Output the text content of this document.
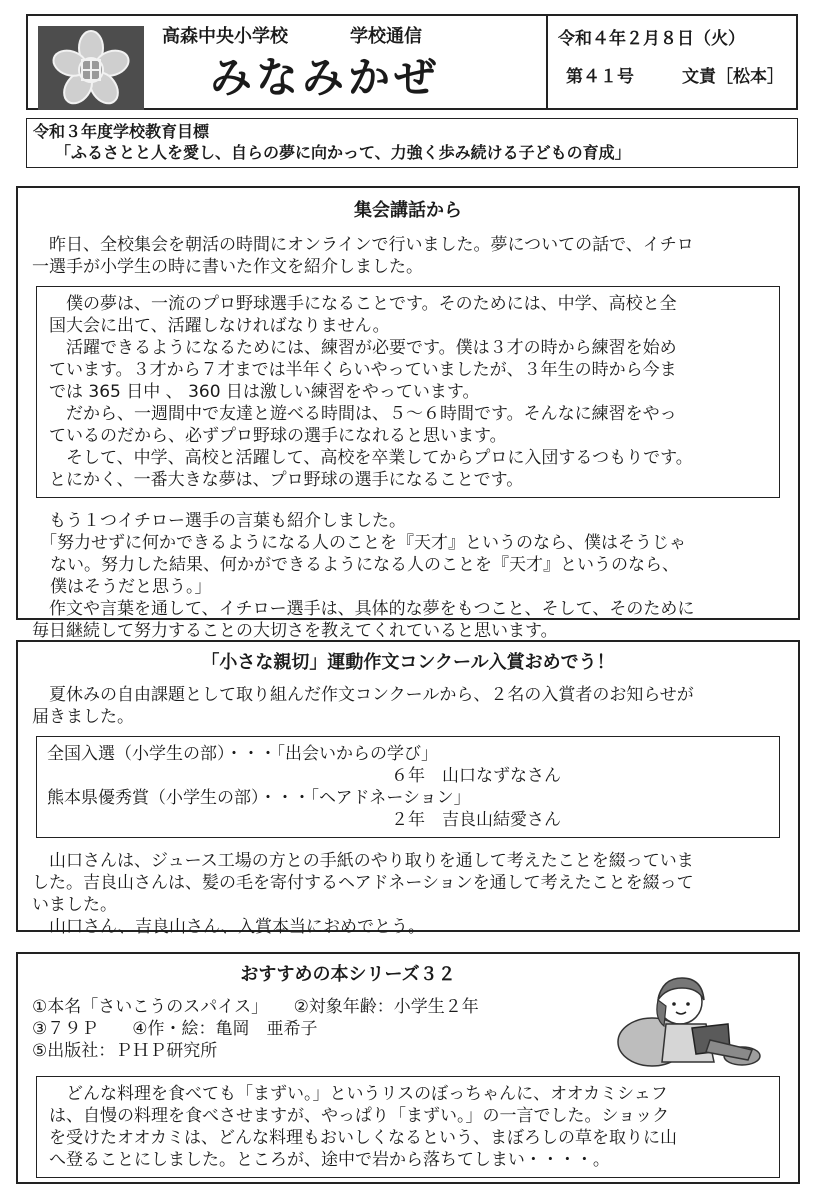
高森中央小学校	学校通信
みなみかぜ
令和４年２月８日（火）
第４１号	文責［松本］
令和３年度学校教育目標
「ふるさとと人を愛し、自らの夢に向かって、力強く歩み続ける子どもの育成」
集会講話から
昨日、全校集会を朝活の時間にオンラインで行いました。夢についての話で、イチロ
一選手が小学生の時に書いた作文を紹介しました。
　僕の夢は、一流のプロ野球選手になることです。そのためには、中学、高校と全
国大会に出て、活躍しなければなりません。
　活躍できるようになるためには、練習が必要です。僕は３才の時から練習を始め
ています。３才から７才までは半年くらいやっていましたが、３年生の時から今ま
では 365 日中 、 360 日は激しい練習をやっています。
　だから、一週間中で友達と遊べる時間は、５～６時間です。そんなに練習をやっ
ているのだから、必ずプロ野球の選手になれると思います。
　そして、中学、高校と活躍して、高校を卒業してからプロに入団するつもりです。
とにかく、一番大きな夢は、プロ野球の選手になることです。
もう１つイチロー選手の言葉も紹介しました。
「努力せずに何かできるようになる人のことを『天才』というのなら、僕はそうじゃ
ない。努力した結果、何かができるようになる人のことを『天才』というのなら、
僕はそうだと思う。」
作文や言葉を通して、イチロー選手は、具体的な夢をもつこと、そして、そのために
毎日継続して努力することの大切さを教えてくれていると思います。
「小さな親切」運動作文コンクール入賞おめでう！
夏休みの自由課題として取り組んだ作文コンクールから、２名の入賞者のお知らせが
届きました。
全国入選（小学生の部）・・・「出会いからの学び」
６年　山口なずなさん
熊本県優秀賞（小学生の部）・・・「ヘアドネーション」
２年　吉良山結愛さん
山口さんは、ジュース工場の方との手紙のやり取りを通して考えたことを綴っていま
した。吉良山さんは、髪の毛を寄付するヘアドネーションを通して考えたことを綴って
いました。
山口さん、吉良山さん、入賞本当におめでとう。
おすすめの本シリーズ３２
①本名「さいこうのスパイス」　　②対象年齢：小学生２年
③７９Ｐ　　④作・絵：亀岡　亜希子
⑤出版社：ＰＨＰ研究所
　どんな料理を食べても「まずい。」というリスのぼっちゃんに、オオカミシェフ
は、自慢の料理を食べさせますが、やっぱり「まずい。」の一言でした。ショック
を受けたオオカミは、どんな料理もおいしくなるという、まぼろしの草を取りに山
へ登ることにしました。ところが、途中で岩から落ちてしまい・・・・。
